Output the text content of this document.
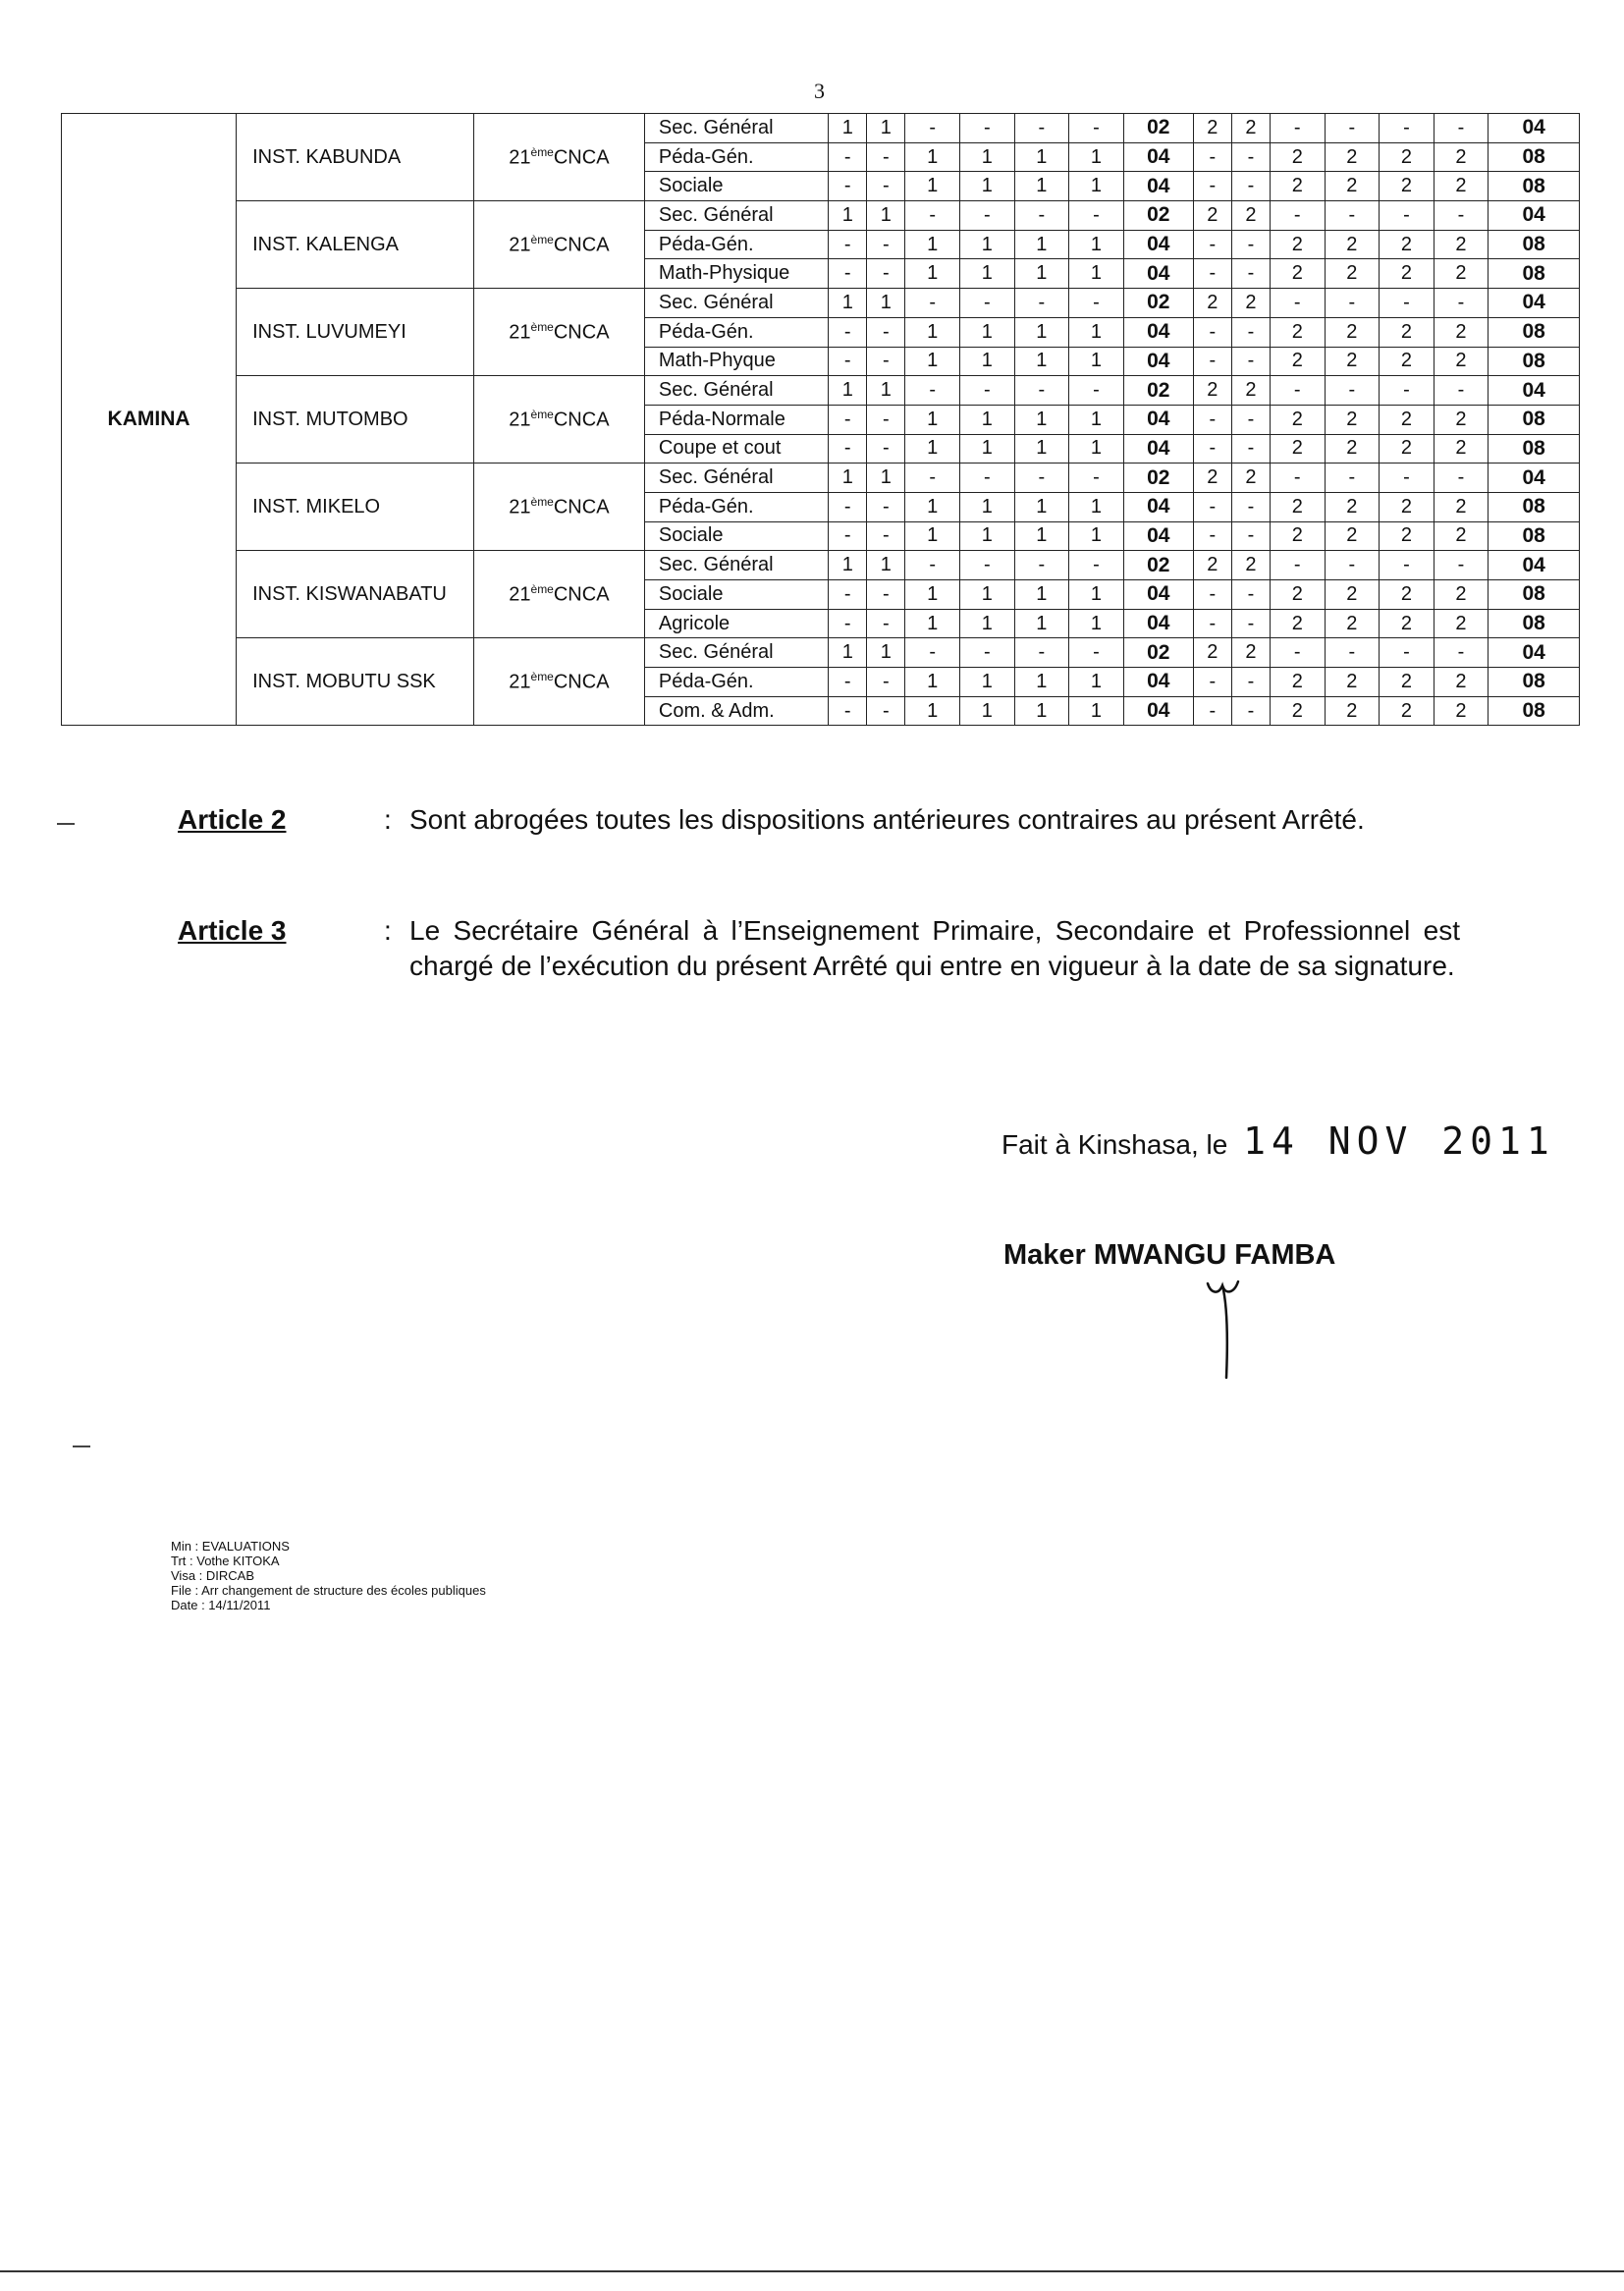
3
KAMINA	INST. KABUNDA	21èmeCNCA	Sec. Général	1	1	-	-	-	-	02	2	2	-	-	-	-	04
			Péda-Gén.	-	-	1	1	1	1	04	-	-	2	2	2	2	08
			Sociale	-	-	1	1	1	1	04	-	-	2	2	2	2	08
	INST. KALENGA	21èmeCNCA	Sec. Général	1	1	-	-	-	-	02	2	2	-	-	-	-	04
			Péda-Gén.	-	-	1	1	1	1	04	-	-	2	2	2	2	08
			Math-Physique	-	-	1	1	1	1	04	-	-	2	2	2	2	08
	INST. LUVUMEYI	21èmeCNCA	Sec. Général	1	1	-	-	-	-	02	2	2	-	-	-	-	04
			Péda-Gén.	-	-	1	1	1	1	04	-	-	2	2	2	2	08
			Math-Phyque	-	-	1	1	1	1	04	-	-	2	2	2	2	08
	INST. MUTOMBO	21èmeCNCA	Sec. Général	1	1	-	-	-	-	02	2	2	-	-	-	-	04
			Péda-Normale	-	-	1	1	1	1	04	-	-	2	2	2	2	08
			Coupe et cout	-	-	1	1	1	1	04	-	-	2	2	2	2	08
	INST. MIKELO	21èmeCNCA	Sec. Général	1	1	-	-	-	-	02	2	2	-	-	-	-	04
			Péda-Gén.	-	-	1	1	1	1	04	-	-	2	2	2	2	08
			Sociale	-	-	1	1	1	1	04	-	-	2	2	2	2	08
	INST. KISWANABATU	21èmeCNCA	Sec. Général	1	1	-	-	-	-	02	2	2	-	-	-	-	04
			Sociale	-	-	1	1	1	1	04	-	-	2	2	2	2	08
			Agricole	-	-	1	1	1	1	04	-	-	2	2	2	2	08
	INST. MOBUTU SSK	21èmeCNCA	Sec. Général	1	1	-	-	-	-	02	2	2	-	-	-	-	04
			Péda-Gén.	-	-	1	1	1	1	04	-	-	2	2	2	2	08
			Com. & Adm.	-	-	1	1	1	1	04	-	-	2	2	2	2	08
Article 2	: Sont abrogées toutes les dispositions antérieures contraires au présent Arrêté.
Article 3	: Le Secrétaire Général à l’Enseignement Primaire, Secondaire et Professionnel est chargé de l’exécution du présent Arrêté qui entre en vigueur à la date de sa signature.
Fait à Kinshasa, le 14 NOV 2011
Maker MWANGU FAMBA
Min : EVALUATIONS
Trt : Vothe KITOKA
Visa : DIRCAB
File : Arr changement de structure des écoles publiques
Date : 14/11/2011
